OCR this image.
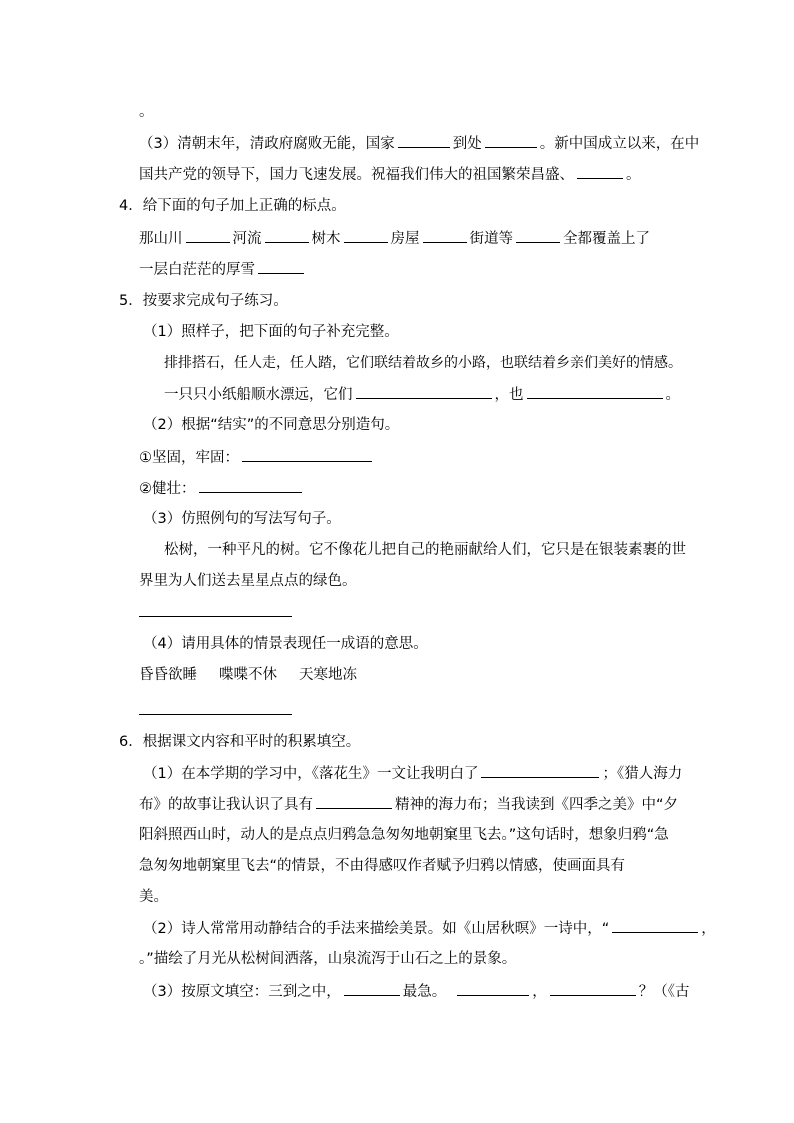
。
（3）清朝末年，清政府腐败无能，国家	到处	。新中国成立以来，在中
国共产党的领导下，国力飞速发展。祝福我们伟大的祖国繁荣昌盛、	。
4．给下面的句子加上正确的标点。
那山川	河流	树木	房屋	街道等	全都覆盖上了
一层白茫茫的厚雪
5．按要求完成句子练习。
（1）照样子，把下面的句子补充完整。
排排搭石，任人走，任人踏，它们联结着故乡的小路，也联结着乡亲们美好的情感。
一只只小纸船顺水漂远，它们	，也	。
（2）根据“结实”的不同意思分别造句。
①坚固，牢固：
②健壮：
（3）仿照例句的写法写句子。
松树，一种平凡的树。它不像花儿把自己的艳丽献给人们，它只是在银装素裹的世
界里为人们送去星星点点的绿色。
（4）请用具体的情景表现任一成语的意思。
昏昏欲睡 喋喋不休 天寒地冻
6．根据课文内容和平时的积累填空。
（1）在本学期的学习中，《落花生》一文让我明白了	；《猎人海力
布》的故事让我认识了具有	精神的海力布；当我读到《四季之美》中“夕
阳斜照西山时，动人的是点点归鸦急急匆匆地朝窠里飞去。”这句话时，想象归鸦“急
急匆匆地朝窠里飞去“的情景，不由得感叹作者赋予归鸦以情感，使画面具有
美。
（2）诗人常常用动静结合的手法来描绘美景。如《山居秋暝》一诗中，“	，
。”描绘了月光从松树间洒落，山泉流泻于山石之上的景象。
（3）按原文填空：三到之中，	最急。	，	？（《古
